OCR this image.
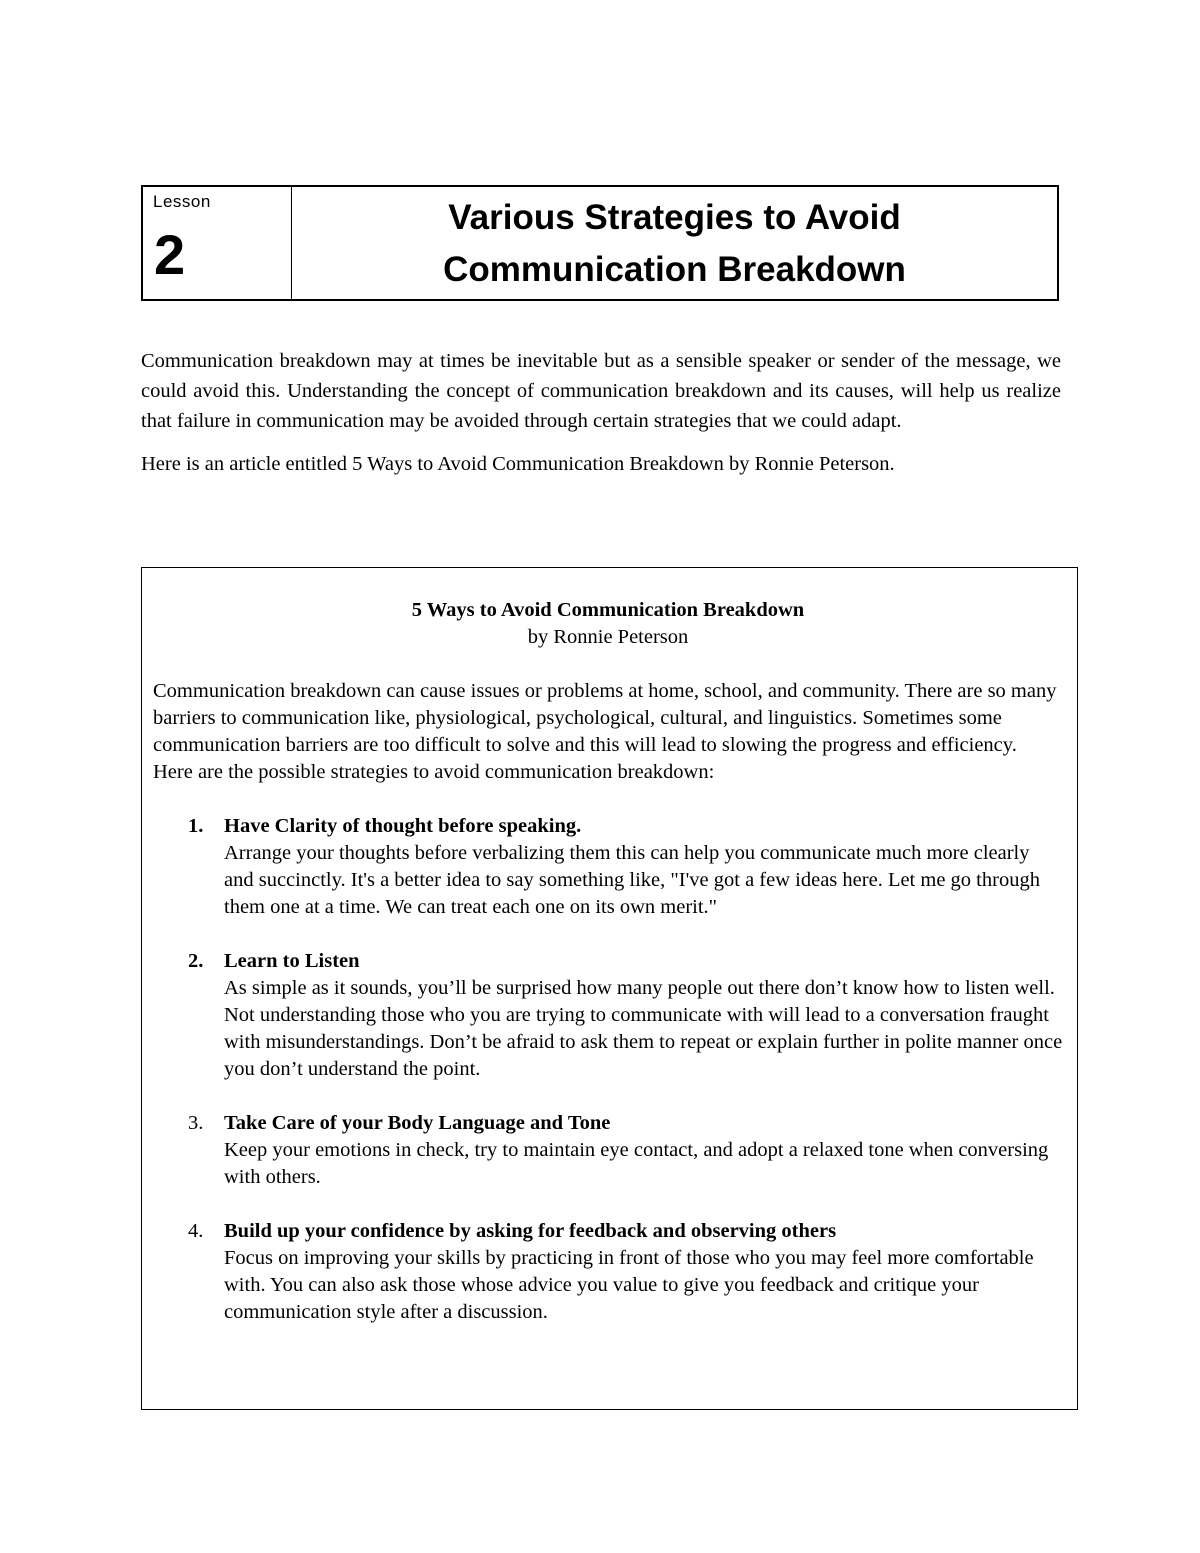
Lesson
2
Various Strategies to Avoid
Communication Breakdown

Communication breakdown may at times be inevitable but as a sensible speaker or sender of the message, we could avoid this. Understanding the concept of communication breakdown and its causes, will help us realize that failure in communication may be avoided through certain strategies that we could adapt.

Here is an article entitled 5 Ways to Avoid Communication Breakdown by Ronnie Peterson.

5 Ways to Avoid Communication Breakdown
by Ronnie Peterson

Communication breakdown can cause issues or problems at home, school, and community. There are so many barriers to communication like, physiological, psychological, cultural, and linguistics. Sometimes some communication barriers are too difficult to solve and this will lead to slowing the progress and efficiency.

Here are the possible strategies to avoid communication breakdown:

1. Have Clarity of thought before speaking.
Arrange your thoughts before verbalizing them this can help you communicate much more clearly and succinctly. It's a better idea to say something like, "I've got a few ideas here. Let me go through them one at a time. We can treat each one on its own merit."
2. Learn to Listen
As simple as it sounds, you’ll be surprised how many people out there don’t know how to listen well. Not understanding those who you are trying to communicate with will lead to a conversation fraught with misunderstandings. Don’t be afraid to ask them to repeat or explain further in polite manner once you don’t understand the point.
3. Take Care of your Body Language and Tone
Keep your emotions in check, try to maintain eye contact, and adopt a relaxed tone when conversing with others.
4. Build up your confidence by asking for feedback and observing others
Focus on improving your skills by practicing in front of those who you may feel more comfortable with. You can also ask those whose advice you value to give you feedback and critique your communication style after a discussion.
